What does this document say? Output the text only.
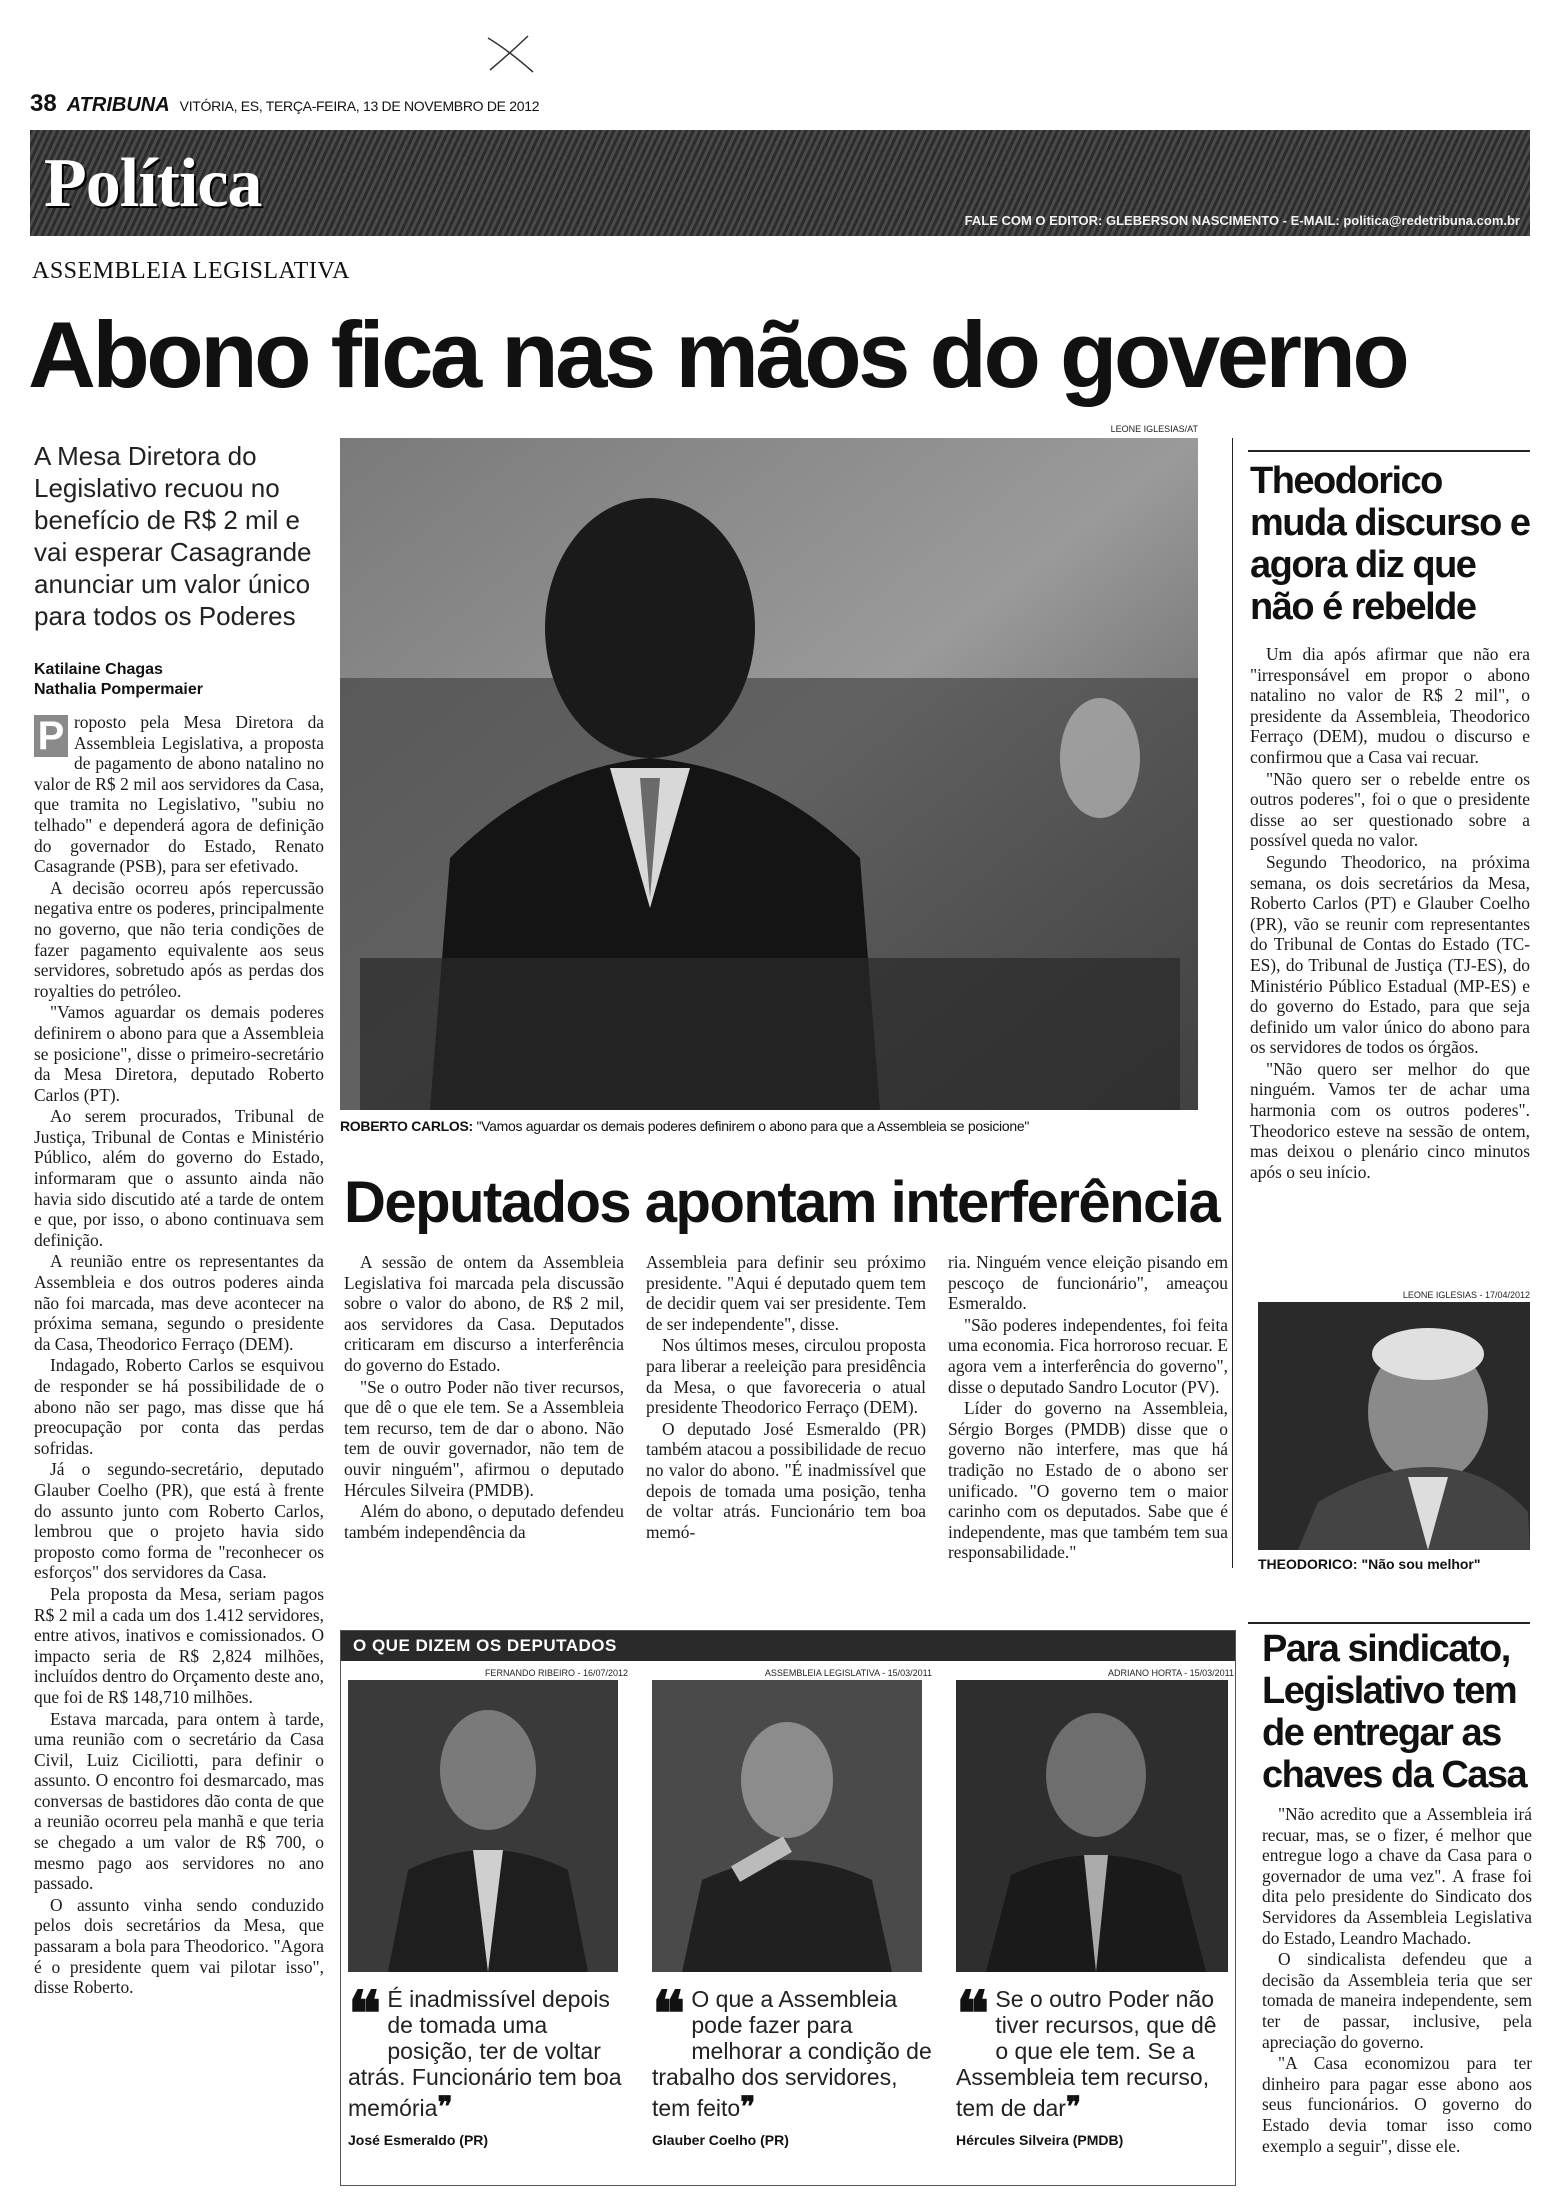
38 ATRIBUNA VITÓRIA, ES, TERÇA-FEIRA, 13 DE NOVEMBRO DE 2012
Política	FALE COM O EDITOR: GLEBERSON NASCIMENTO - E-MAIL: politica@redetribuna.com.br
ASSEMBLEIA LEGISLATIVA
Abono fica nas mãos do governo
A Mesa Diretora do Legislativo recuou no benefício de R$ 2 mil e vai esperar Casagrande anunciar um valor único para todos os Poderes
Katilaine Chagas
Nathalia Pompermaier

P roposto pela Mesa Diretora da Assembleia Legislativa, a proposta de pagamento de abono natalino no valor de R$ 2 mil aos servidores da Casa, que tramita no Legislativo, "subiu no telhado" e dependerá agora de definição do governador do Estado, Renato Casagrande (PSB), para ser efetivado.

A decisão ocorreu após repercussão negativa entre os poderes, principalmente no governo, que não teria condições de fazer pagamento equivalente aos seus servidores, sobretudo após as perdas dos royalties do petróleo.

"Vamos aguardar os demais poderes definirem o abono para que a Assembleia se posicione", disse o primeiro-secretário da Mesa Diretora, deputado Roberto Carlos (PT).

Ao serem procurados, Tribunal de Justiça, Tribunal de Contas e Ministério Público, além do governo do Estado, informaram que o assunto ainda não havia sido discutido até a tarde de ontem e que, por isso, o abono continuava sem definição.

A reunião entre os representantes da Assembleia e dos outros poderes ainda não foi marcada, mas deve acontecer na próxima semana, segundo o presidente da Casa, Theodorico Ferraço (DEM).

Indagado, Roberto Carlos se esquivou de responder se há possibilidade de o abono não ser pago, mas disse que há preocupação por conta das perdas sofridas.

Já o segundo-secretário, deputado Glauber Coelho (PR), que está à frente do assunto junto com Roberto Carlos, lembrou que o projeto havia sido proposto como forma de "reconhecer os esforços" dos servidores da Casa.

Pela proposta da Mesa, seriam pagos R$ 2 mil a cada um dos 1.412 servidores, entre ativos, inativos e comissionados. O impacto seria de R$ 2,824 milhões, incluídos dentro do Orçamento deste ano, que foi de R$ 148,710 milhões.

Estava marcada, para ontem à tarde, uma reunião com o secretário da Casa Civil, Luiz Ciciliotti, para definir o assunto. O encontro foi desmarcado, mas conversas de bastidores dão conta de que a reunião ocorreu pela manhã e que teria se chegado a um valor de R$ 700, o mesmo pago aos servidores no ano passado.

O assunto vinha sendo conduzido pelos dois secretários da Mesa, que passaram a bola para Theodorico. "Agora é o presidente quem vai pilotar isso", disse Roberto.

LEONE IGLESIAS/AT
ROBERTO CARLOS: "Vamos aguardar os demais poderes definirem o abono para que a Assembleia se posicione"
Theodorico muda discurso e agora diz que não é rebelde

Um dia após afirmar que não era "irresponsável em propor o abono natalino no valor de R$ 2 mil", o presidente da Assembleia, Theodorico Ferraço (DEM), mudou o discurso e confirmou que a Casa vai recuar.

"Não quero ser o rebelde entre os outros poderes", foi o que o presidente disse ao ser questionado sobre a possível queda no valor.

Segundo Theodorico, na próxima semana, os dois secretários da Mesa, Roberto Carlos (PT) e Glauber Coelho (PR), vão se reunir com representantes do Tribunal de Contas do Estado (TC-ES), do Tribunal de Justiça (TJ-ES), do Ministério Público Estadual (MP-ES) e do governo do Estado, para que seja definido um valor único do abono para os servidores de todos os órgãos.

"Não quero ser melhor do que ninguém. Vamos ter de achar uma harmonia com os outros poderes". Theodorico esteve na sessão de ontem, mas deixou o plenário cinco minutos após o seu início.

LEONE IGLESIAS - 17/04/2012
THEODORICO: "Não sou melhor"
Deputados apontam interferência

A sessão de ontem da Assembleia Legislativa foi marcada pela discussão sobre o valor do abono, de R$ 2 mil, aos servidores da Casa. Deputados criticaram em discurso a interferência do governo do Estado.

"Se o outro Poder não tiver recursos, que dê o que ele tem. Se a Assembleia tem recurso, tem de dar o abono. Não tem de ouvir governador, não tem de ouvir ninguém", afirmou o deputado Hércules Silveira (PMDB).

Além do abono, o deputado defendeu também independência da

Assembleia para definir seu próximo presidente. "Aqui é deputado quem tem de decidir quem vai ser presidente. Tem de ser independente", disse.

Nos últimos meses, circulou proposta para liberar a reeleição para presidência da Mesa, o que favoreceria o atual presidente Theodorico Ferraço (DEM).

O deputado José Esmeraldo (PR) também atacou a possibilidade de recuo no valor do abono. "É inadmissível que depois de tomada uma posição, tenha de voltar atrás. Funcionário tem boa memó-

ria. Ninguém vence eleição pisando em pescoço de funcionário", ameaçou Esmeraldo.

"São poderes independentes, foi feita uma economia. Fica horroroso recuar. E agora vem a interferência do governo", disse o deputado Sandro Locutor (PV).

Líder do governo na Assembleia, Sérgio Borges (PMDB) disse que o governo não interfere, mas que há tradição no Estado de o abono ser unificado. "O governo tem o maior carinho com os deputados. Sabe que é independente, mas que também tem sua responsabilidade."

O QUE DIZEM OS DEPUTADOS
FERNANDO RIBEIRO - 16/07/2012
❝ É inadmissível depois de tomada uma posição, ter de voltar atrás. Funcionário tem boa memória❞
José Esmeraldo (PR)
ASSEMBLEIA LEGISLATIVA - 15/03/2011
❝ O que a Assembleia pode fazer para melhorar a condição de trabalho dos servidores, tem feito❞
Glauber Coelho (PR)
ADRIANO HORTA - 15/03/2011
❝ Se o outro Poder não tiver recursos, que dê o que ele tem. Se a Assembleia tem recurso, tem de dar❞
Hércules Silveira (PMDB)
Para sindicato, Legislativo tem de entregar as chaves da Casa

"Não acredito que a Assembleia irá recuar, mas, se o fizer, é melhor que entregue logo a chave da Casa para o governador de uma vez". A frase foi dita pelo presidente do Sindicato dos Servidores da Assembleia Legislativa do Estado, Leandro Machado.

O sindicalista defendeu que a decisão da Assembleia teria que ser tomada de maneira independente, sem ter de passar, inclusive, pela apreciação do governo.

"A Casa economizou para ter dinheiro para pagar esse abono aos seus funcionários. O governo do Estado devia tomar isso como exemplo a seguir", disse ele.
